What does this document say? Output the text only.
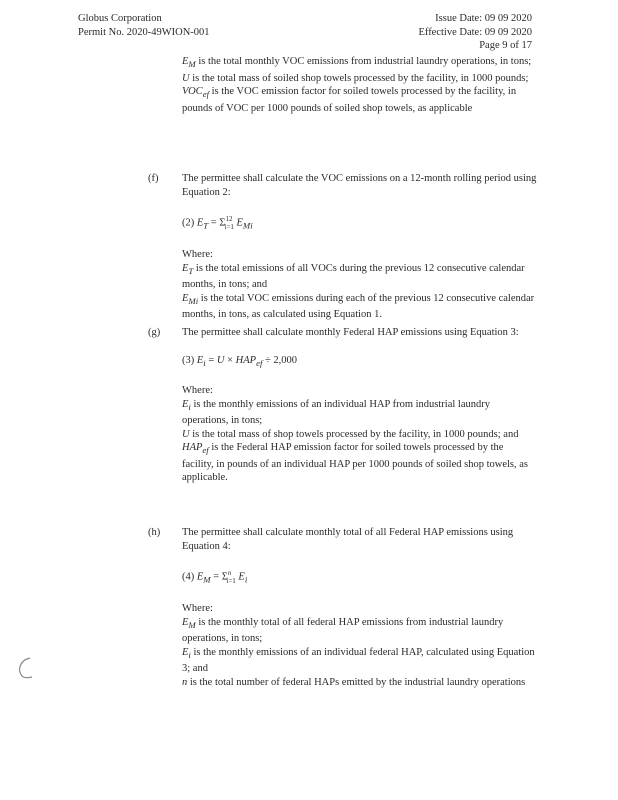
Globus Corporation
Permit No. 2020-49WION-001
Issue Date: 09 09 2020
Effective Date: 09 09 2020
Page 9 of 17

$E_M$ is the total monthly VOC emissions from industrial laundry operations, in tons;

U is the total mass of soiled shop towels processed by the facility, in 1000 pounds;

$VOC_{ef}$ is the VOC emission factor for soiled towels processed by the facility, in pounds of VOC per 1000 pounds of soiled shop towels, as applicable

(f) The permittee shall calculate the VOC emissions on a 12-month rolling period using Equation 2:

(2) $E_T = \Sigma^{12}_{i=1}$ $E_{Mi}$

Where:

$E_T$ is the total emissions of all VOCs during the previous 12 consecutive calendar months, in tons; and

$E_{Mi}$ is the total VOC emissions during each of the previous 12 consecutive calendar months, in tons, as calculated using Equation 1.

(g) The permittee shall calculate monthly Federal HAP emissions using Equation 3:

(3) $E_i = U \times HAP_{ef} \div 2,000$

Where:

$E_i$ is the monthly emissions of an individual HAP from industrial laundry operations, in tons;

U is the total mass of shop towels processed by the facility, in 1000 pounds; and

$HAP_{ef}$ is the Federal HAP emission factor for soiled towels processed by the facility, in pounds of an individual HAP per 1000 pounds of soiled shop towels, as applicable.

(h) The permittee shall calculate monthly total of all Federal HAP emissions using Equation 4:

(4) $E_M = \Sigma^n_{i=1}$ $E_i$

Where:

$E_M$ is the monthly total of all federal HAP emissions from industrial laundry operations, in tons;

$E_i$ is the monthly emissions of an individual federal HAP, calculated using Equation 3; and

n is the total number of federal HAPs emitted by the industrial laundry operations
